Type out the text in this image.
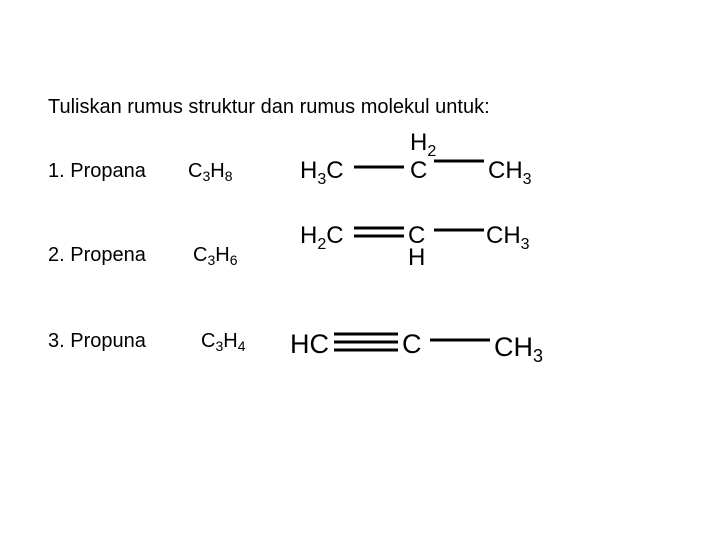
Tuliskan rumus struktur dan rumus molekul untuk:
1. Propana $C_3H_8$
2. Propena $C_3H_6$
3. Propuna	$C_3H_4$
$H_2$
$H_3C$	C	$CH_3$
$H_2C$	C
H
$CH_3$
HC	C	$CH_3$
